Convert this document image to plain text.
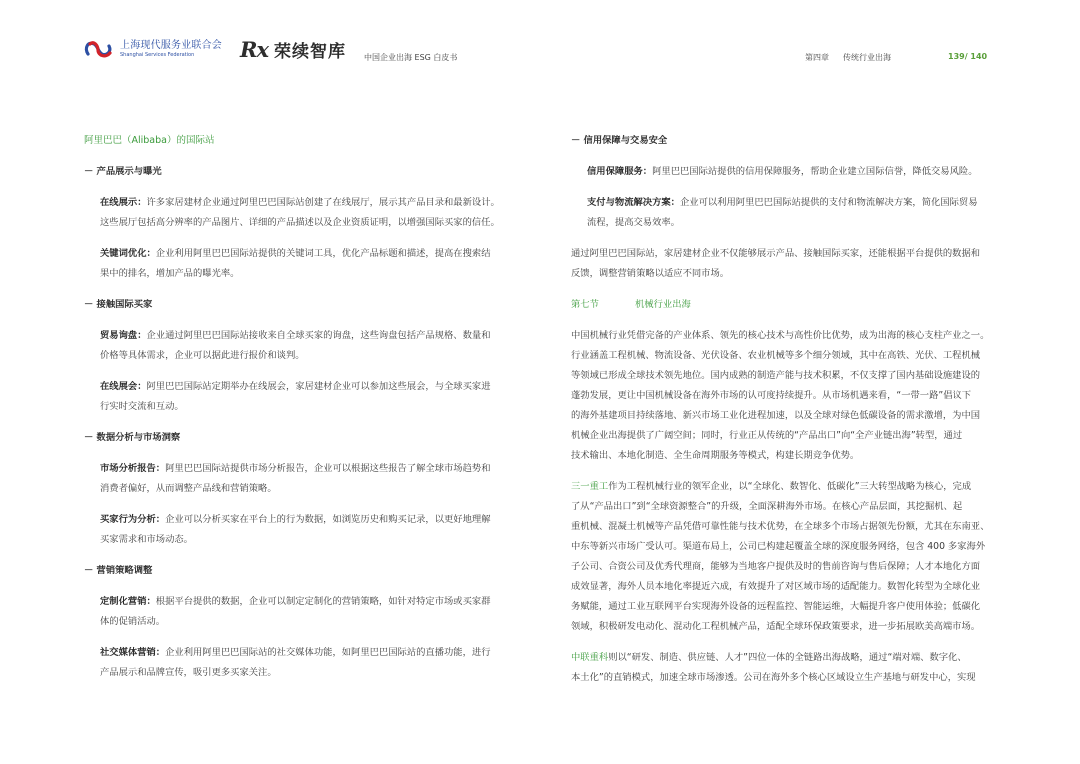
上海现代服务业联合会
Shanghai Services Federation	Rx 荣续智库 中国企业出海 ESG 白皮书	第四章 传统行业出海	139/ 140
阿里巴巴（Alibaba）的国际站
－ 产品展示与曝光
在线展示：许多家居建材企业通过阿里巴巴国际站创建了在线展厅，展示其产品目录和最新设计。
这些展厅包括高分辨率的产品图片、详细的产品描述以及企业资质证明，以增强国际买家的信任。
关键词优化：企业利用阿里巴巴国际站提供的关键词工具，优化产品标题和描述，提高在搜索结
果中的排名，增加产品的曝光率。
－ 接触国际买家
贸易询盘：企业通过阿里巴巴国际站接收来自全球买家的询盘，这些询盘包括产品规格、数量和
价格等具体需求，企业可以据此进行报价和谈判。
在线展会：阿里巴巴国际站定期举办在线展会，家居建材企业可以参加这些展会，与全球买家进
行实时交流和互动。
－ 数据分析与市场洞察
市场分析报告：阿里巴巴国际站提供市场分析报告，企业可以根据这些报告了解全球市场趋势和
消费者偏好，从而调整产品线和营销策略。
买家行为分析：企业可以分析买家在平台上的行为数据，如浏览历史和购买记录，以更好地理解
买家需求和市场动态。
－ 营销策略调整
定制化营销：根据平台提供的数据，企业可以制定定制化的营销策略，如针对特定市场或买家群
体的促销活动。
社交媒体营销：企业利用阿里巴巴国际站的社交媒体功能，如阿里巴巴国际站的直播功能，进行
产品展示和品牌宣传，吸引更多买家关注。
－ 信用保障与交易安全
信用保障服务：阿里巴巴国际站提供的信用保障服务，帮助企业建立国际信誉，降低交易风险。
支付与物流解决方案：企业可以利用阿里巴巴国际站提供的支付和物流解决方案，简化国际贸易
流程，提高交易效率。
通过阿里巴巴国际站，家居建材企业不仅能够展示产品、接触国际买家，还能根据平台提供的数据和
反馈，调整营销策略以适应不同市场。
第七节	机械行业出海
中国机械行业凭借完备的产业体系、领先的核心技术与高性价比优势，成为出海的核心支柱产业之一。
行业涵盖工程机械、物流设备、光伏设备、农业机械等多个细分领域，其中在高铁、光伏、工程机械
等领域已形成全球技术领先地位。国内成熟的制造产能与技术积累，不仅支撑了国内基础设施建设的
蓬勃发展，更让中国机械设备在海外市场的认可度持续提升。从市场机遇来看，“一带一路”倡议下
的海外基建项目持续落地、新兴市场工业化进程加速，以及全球对绿色低碳设备的需求激增，为中国
机械企业出海提供了广阔空间；同时，行业正从传统的“产品出口”向“全产业链出海”转型，通过
技术输出、本地化制造、全生命周期服务等模式，构建长期竞争优势。
三一重工作为工程机械行业的领军企业，以“全球化、数智化、低碳化”三大转型战略为核心，完成
了从“产品出口”到“全球资源整合”的升级，全面深耕海外市场。在核心产品层面，其挖掘机、起
重机械、混凝土机械等产品凭借可靠性能与技术优势，在全球多个市场占据领先份额，尤其在东南亚、
中东等新兴市场广受认可。渠道布局上，公司已构建起覆盖全球的深度服务网络，包含 400 多家海外
子公司、合资公司及优秀代理商，能够为当地客户提供及时的售前咨询与售后保障；人才本地化方面
成效显著，海外人员本地化率提近六成，有效提升了对区域市场的适配能力。数智化转型为全球化业
务赋能，通过工业互联网平台实现海外设备的远程监控、智能运维，大幅提升客户使用体验；低碳化
领域，积极研发电动化、混动化工程机械产品，适配全球环保政策要求，进一步拓展欧美高端市场。
中联重科则以“研发、制造、供应链、人才”四位一体的全链路出海战略，通过“端对端、数字化、
本土化”的直销模式，加速全球市场渗透。公司在海外多个核心区域设立生产基地与研发中心，实现
